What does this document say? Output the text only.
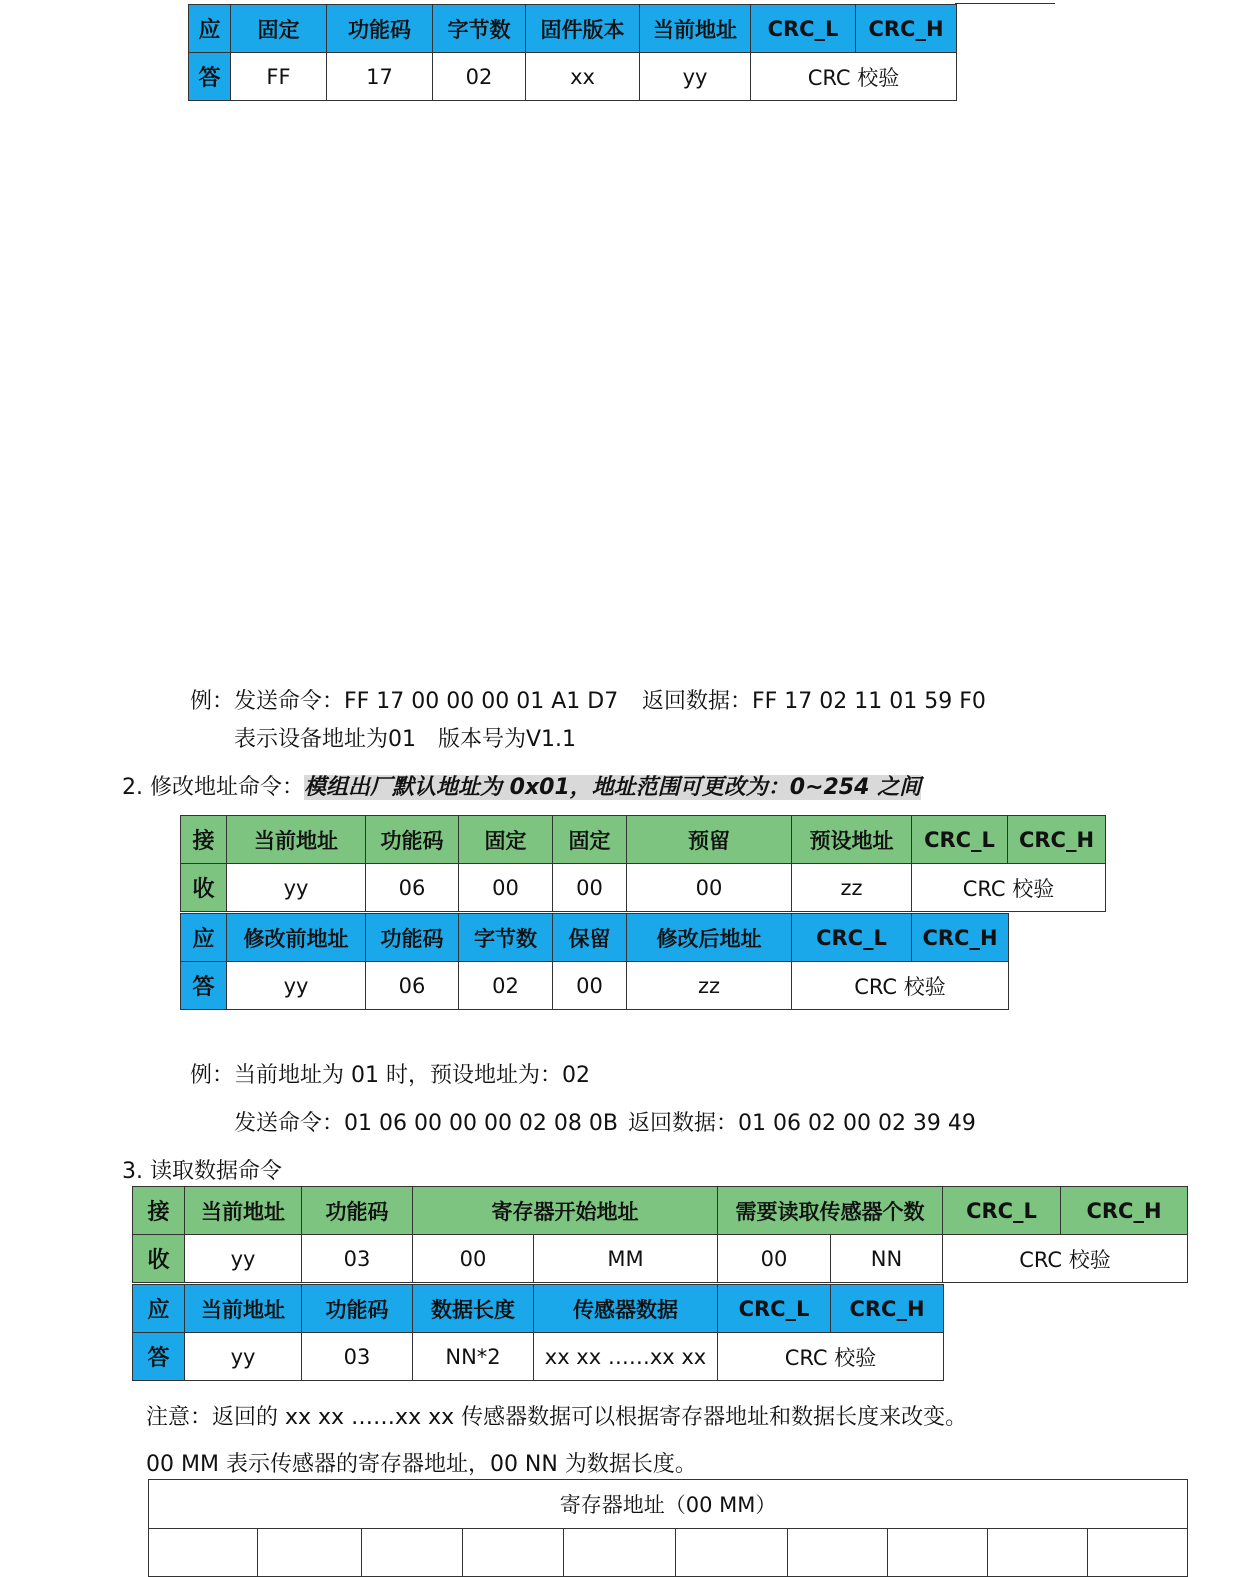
应	固定	功能码	字节数	固件版本	当前地址	CRC_L	CRC_H
答	FF	17	02	xx	yy	CRC 校验	
例：发送命令：FF 17 00 00 00 01 A1 D7 返回数据：FF 17 02 11 01 59 F0
表示设备地址为01　版本号为V1.1
2. 修改地址命令：模组出厂默认地址为 0x01，地址范围可更改为：0~254 之间
接	当前地址	功能码	固定	固定	预留	预设地址	CRC_L	CRC_H
收	yy	06	00	00	00	zz	CRC 校验	
应	修改前地址	功能码	字节数	保留	修改后地址	CRC_L	CRC_H
答	yy	06	02	00	zz	CRC 校验	
例：当前地址为 01 时，预设地址为：02
发送命令：01 06 00 00 00 02 08 0B 返回数据：01 06 02 00 02 39 49
3. 读取数据命令
接	当前地址	功能码	寄存器开始地址		需要读取传感器个数		CRC_L	CRC_H
收	yy	03	00	MM	00	NN	CRC 校验	
应	当前地址	功能码	数据长度	传感器数据	CRC_L	CRC_H
答	yy	03	NN*2	xx xx ……xx xx	CRC 校验	
注意：返回的 xx xx ……xx xx 传感器数据可以根据寄存器地址和数据长度来改变。
00 MM 表示传感器的寄存器地址，00 NN 为数据长度。
寄存器地址（00 MM）
